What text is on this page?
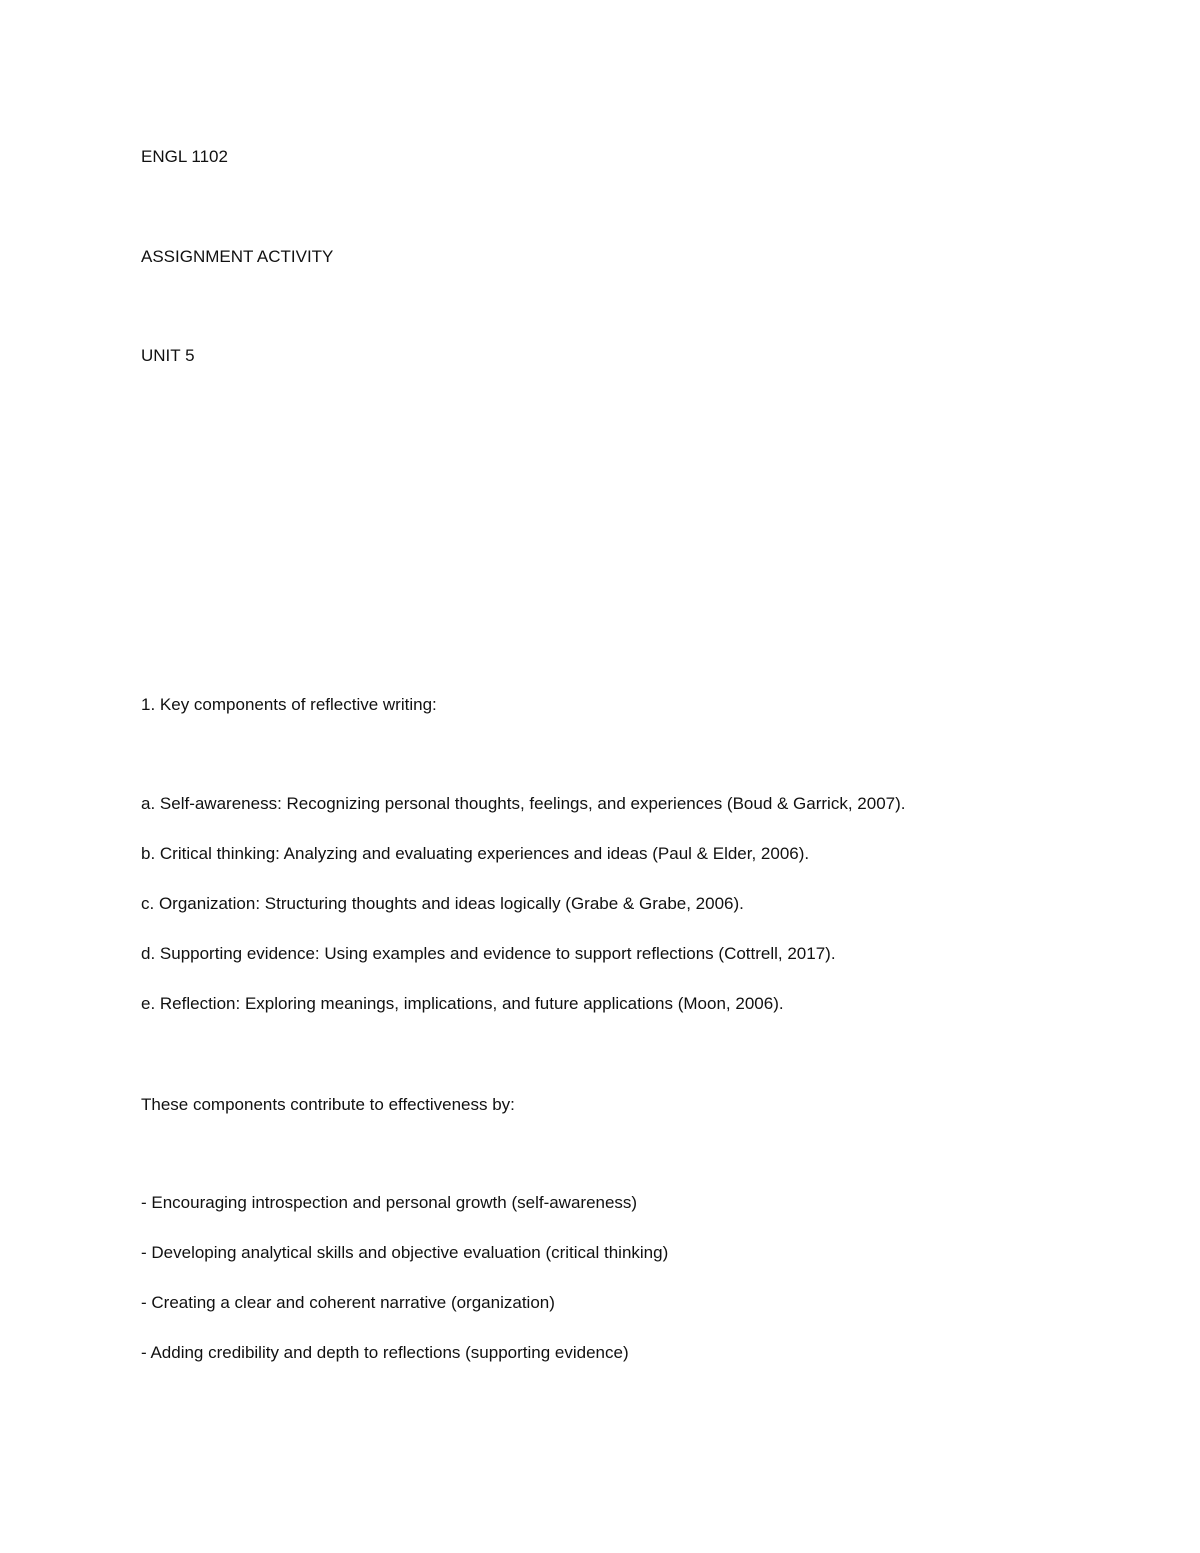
ENGL 1102

ASSIGNMENT ACTIVITY

UNIT 5

1. Key components of reflective writing:

a. Self-awareness: Recognizing personal thoughts, feelings, and experiences (Boud & Garrick, 2007).

b. Critical thinking: Analyzing and evaluating experiences and ideas (Paul & Elder, 2006).

c. Organization: Structuring thoughts and ideas logically (Grabe & Grabe, 2006).

d. Supporting evidence: Using examples and evidence to support reflections (Cottrell, 2017).

e. Reflection: Exploring meanings, implications, and future applications (Moon, 2006).

These components contribute to effectiveness by:

- Encouraging introspection and personal growth (self-awareness)

- Developing analytical skills and objective evaluation (critical thinking)

- Creating a clear and coherent narrative (organization)

- Adding credibility and depth to reflections (supporting evidence)
